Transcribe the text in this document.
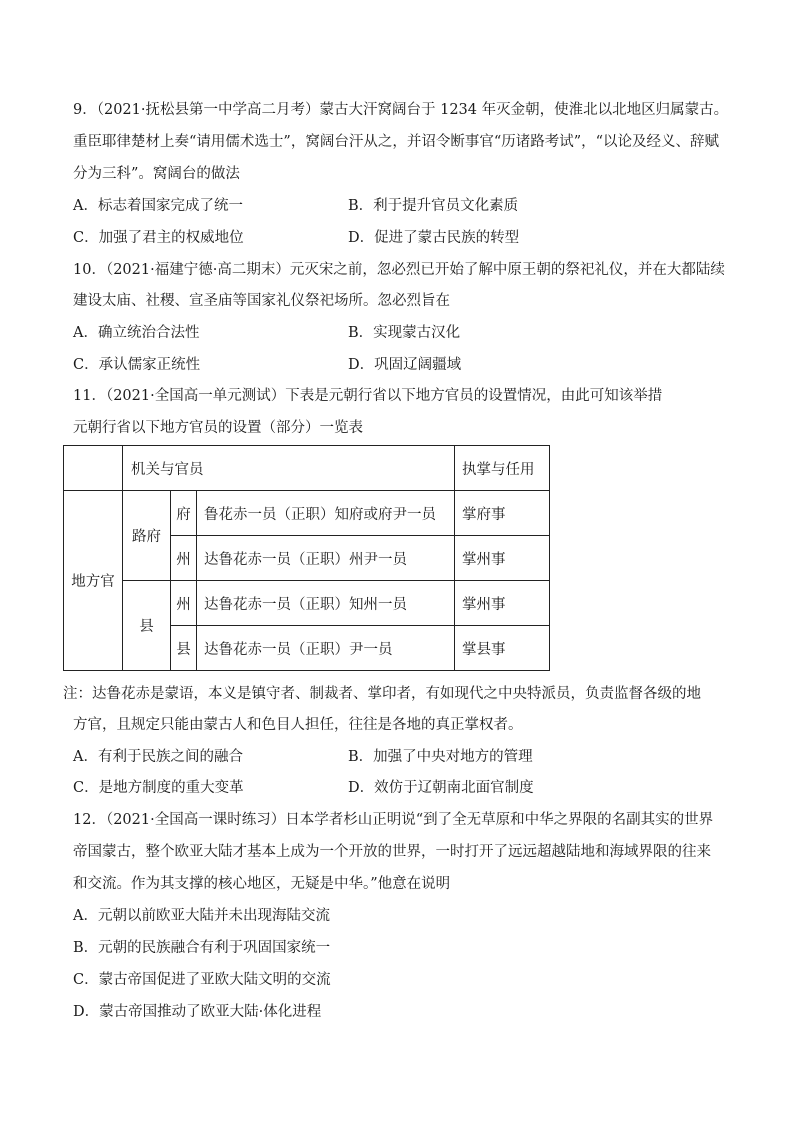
9．（2021·抚松县第一中学高二月考）蒙古大汗窝阔台于 1234 年灭金朝，使淮北以北地区归属蒙古。
重臣耶律楚材上奏“请用儒术选士”，窝阔台汗从之，并诏令断事官“历诸路考试”，“以论及经义、辞赋
分为三科”。窝阔台的做法
A．标志着国家完成了统一	B．利于提升官员文化素质
C．加强了君主的权威地位	D．促进了蒙古民族的转型
10．（2021·福建宁德·高二期末）元灭宋之前，忽必烈已开始了解中原王朝的祭祀礼仪，并在大都陆续
建设太庙、社稷、宣圣庙等国家礼仪祭祀场所。忽必烈旨在
A．确立统治合法性	B．实现蒙古汉化
C．承认儒家正统性	D．巩固辽阔疆域
11．（2021·全国高一单元测试）下表是元朝行省以下地方官员的设置情况，由此可知该举措
元朝行省以下地方官员的设置（部分）一览表
	机关与官员			执掌与任用
地方官	路府	府	鲁花赤一员（正职）知府或府尹一员	掌府事
		州	达鲁花赤一员（正职）州尹一员	掌州事
	县	州	达鲁花赤一员（正职）知州一员	掌州事
		县	达鲁花赤一员（正职）尹一员	掌县事
注：达鲁花赤是蒙语，本义是镇守者、制裁者、掌印者，有如现代之中央特派员，负责监督各级的地
方官，且规定只能由蒙古人和色目人担任，往往是各地的真正掌权者。
A．有利于民族之间的融合	B．加强了中央对地方的管理
C．是地方制度的重大变革	D．效仿于辽朝南北面官制度
12．（2021·全国高一课时练习）日本学者杉山正明说“到了全无草原和中华之界限的名副其实的世界
帝国蒙古，整个欧亚大陆才基本上成为一个开放的世界，一时打开了远远超越陆地和海域界限的往来
和交流。作为其支撑的核心地区，无疑是中华。”他意在说明
A．元朝以前欧亚大陆并未出现海陆交流
B．元朝的民族融合有利于巩固国家统一
C．蒙古帝国促进了亚欧大陆文明的交流
D．蒙古帝国推动了欧亚大陆·体化进程
